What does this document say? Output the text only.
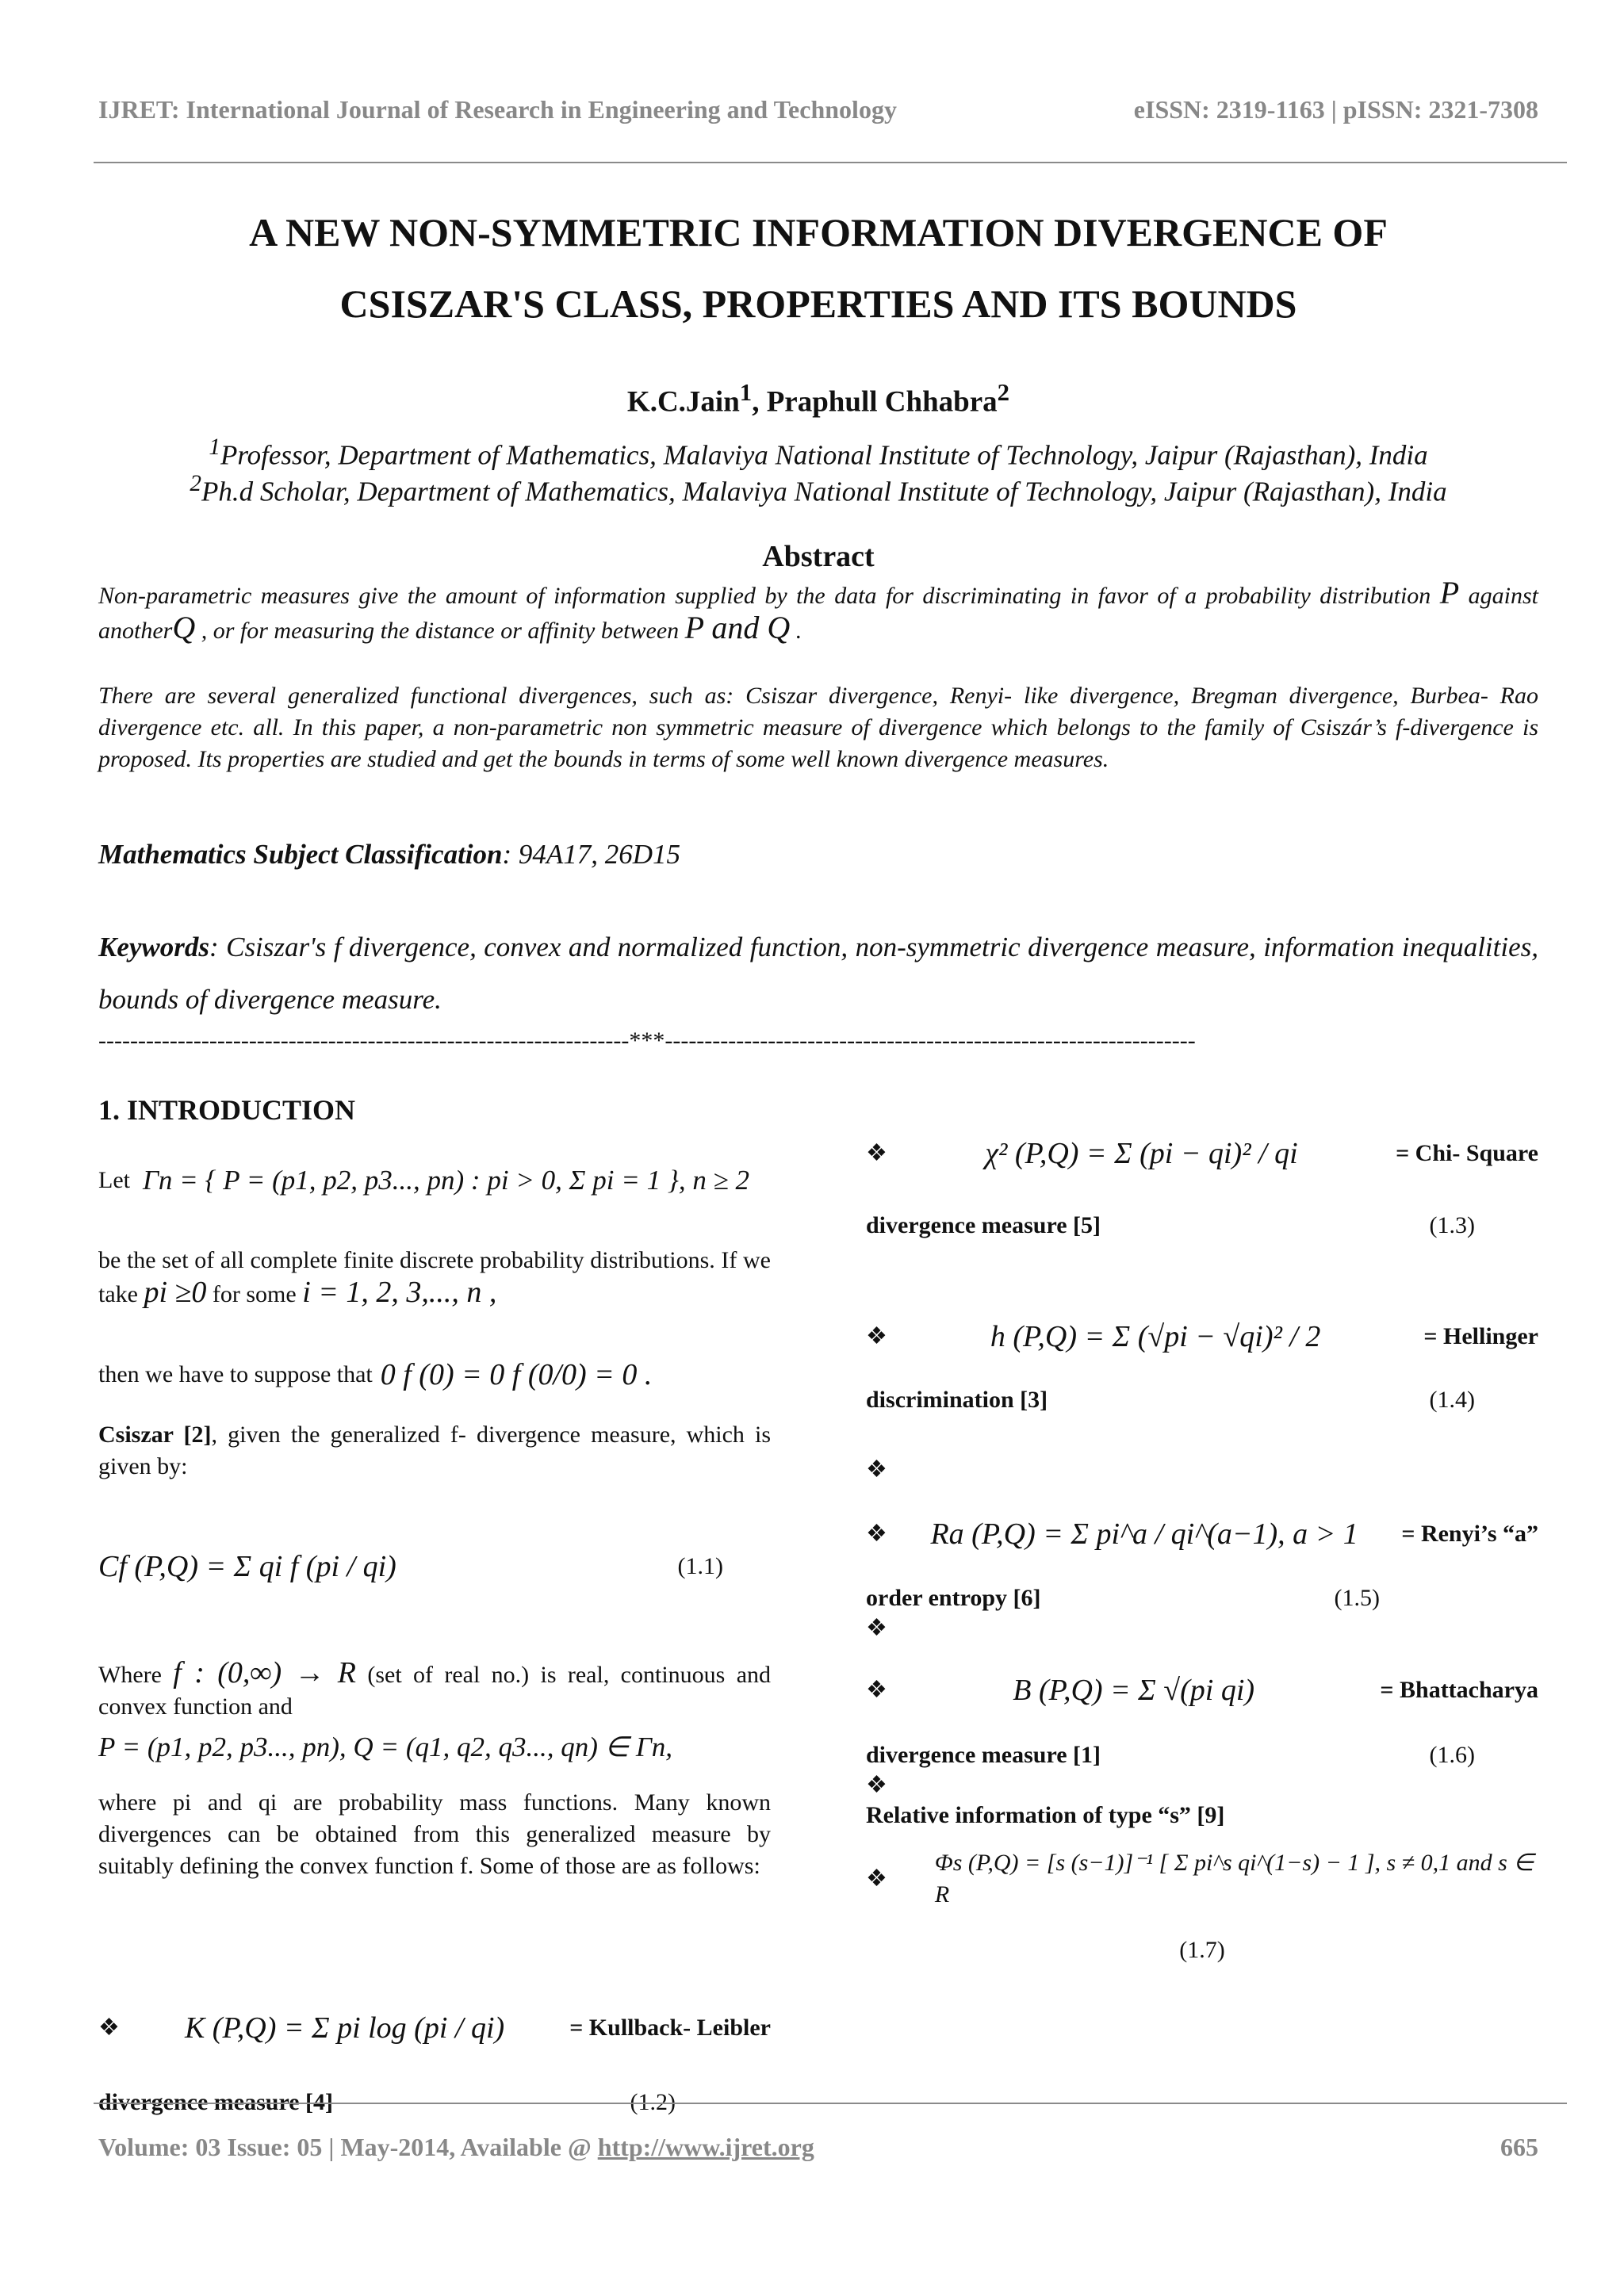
IJRET: International Journal of Research in Engineering and Technology	eISSN: 2319-1163 | pISSN: 2321-7308
A NEW NON-SYMMETRIC INFORMATION DIVERGENCE OF
CSISZAR'S CLASS, PROPERTIES AND ITS BOUNDS
K.C.Jain$^1$, Praphull Chhabra$^2$
$^1$Professor, Department of Mathematics, Malaviya National Institute of Technology, Jaipur (Rajasthan), India
$^2$Ph.d Scholar, Department of Mathematics, Malaviya National Institute of Technology, Jaipur (Rajasthan), India
Abstract
Non-parametric measures give the amount of information supplied by the data for discriminating in favor of a probability distribution P against anotherQ , or for measuring the distance or affinity between P and Q .
There are several generalized functional divergences, such as: Csiszar divergence, Renyi- like divergence, Bregman divergence, Burbea- Rao divergence etc. all. In this paper, a non-parametric non symmetric measure of divergence which belongs to the family of Csiszár’s f-divergence is proposed. Its properties are studied and get the bounds in terms of some well known divergence measures.
Mathematics Subject Classification: 94A17, 26D15
Keywords: Csiszar's f divergence, convex and normalized function, non-symmetric divergence measure, information inequalities, bounds of divergence measure.
-------------------------------------------------------------------***-------------------------------------------------------------------
1. INTRODUCTION
Let Γn = { P = (p1, p2, p3..., pn) : pi > 0, Σ pi = 1 }, n ≥ 2
be the set of all complete finite discrete probability distributions. If we take pi ≥0 for some i = 1, 2, 3,..., n ,
then we have to suppose that 0 f (0) = 0 f (0/0) = 0 .
Csiszar [2], given the generalized f- divergence measure, which is given by:
Cf (P,Q) = Σ qi f (pi / qi)	(1.1)
Where f : (0,∞) → R (set of real no.) is real, continuous and convex function and
P = (p1, p2, p3..., pn), Q = (q1, q2, q3..., qn) ∈ Γn,
where pi and qi are probability mass functions. Many known divergences can be obtained from this generalized measure by suitably defining the convex function f. Some of those are as follows:
❖ K (P,Q) = Σ pi log (pi / qi)	= Kullback- Leibler
divergence measure [4]	(1.2)
❖	χ² (P,Q) = Σ (pi − qi)² / qi	= Chi- Square
divergence measure [5]	(1.3)
❖	h (P,Q) = Σ (√pi − √qi)² / 2	= Hellinger
discrimination [3]	(1.4)
❖
❖ Ra (P,Q) = Σ pi^a / qi^(a−1), a > 1 = Renyi’s “a”
order entropy [6]	(1.5)
❖
❖	B (P,Q) = Σ √(pi qi)	= Bhattacharya
divergence measure [1]	(1.6)
❖
Relative information of type “s” [9]
❖
Φs (P,Q) = [s (s−1)]⁻¹ [ Σ pi^s qi^(1−s) − 1 ], s ≠ 0,1 and s ∈ R
(1.7)
Volume: 03 Issue: 05 | May-2014, Available @ http://www.ijret.org	665
